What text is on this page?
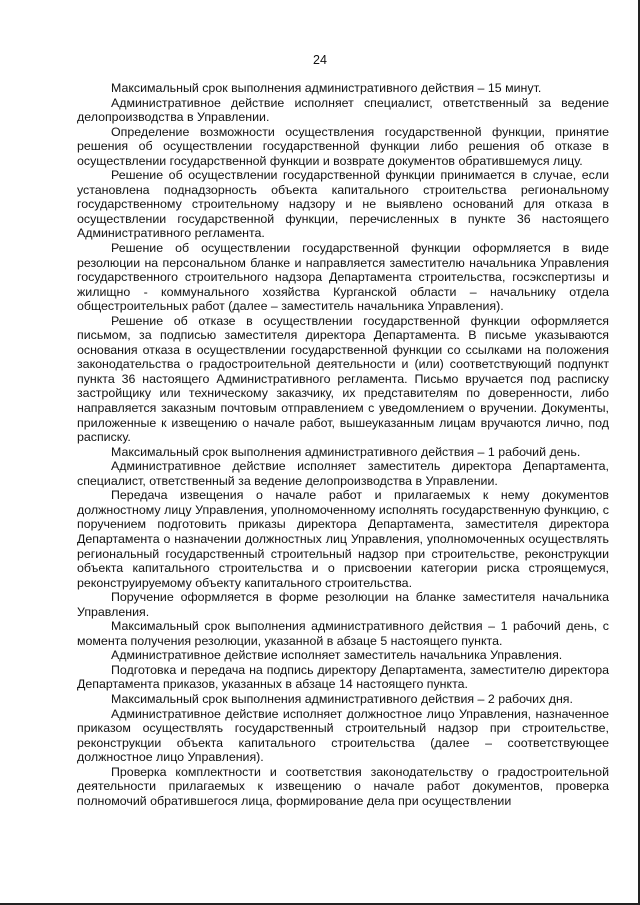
24

Максимальный срок выполнения административного действия – 15 минут.

Административное действие исполняет специалист, ответственный за ведение делопроизводства в Управлении.

Определение возможности осуществления государственной функции, принятие решения об осуществлении государственной функции либо решения об отказе в осуществлении государственной функции и возврате документов обратившемуся лицу.

Решение об осуществлении государственной функции принимается в случае, если установлена поднадзорность объекта капитального строительства региональному государственному строительному надзору и не выявлено оснований для отказа в осуществлении государственной функции, перечисленных в пункте 36 настоящего Административного регламента.

Решение об осуществлении государственной функции оформляется в виде резолюции на персональном бланке и направляется заместителю начальника Управления государственного строительного надзора Департамента строительства, госэкспертизы и жилищно - коммунального хозяйства Курганской области – начальнику отдела общестроительных работ (далее – заместитель начальника Управления).

Решение об отказе в осуществлении государственной функции оформляется письмом, за подписью заместителя директора Департамента. В письме указываются основания отказа в осуществлении государственной функции со ссылками на положения законодательства о градостроительной деятельности и (или) соответствующий подпункт пункта 36 настоящего Административного регламента. Письмо вручается под расписку застройщику или техническому заказчику, их представителям по доверенности, либо направляется заказным почтовым отправлением с уведомлением о вручении. Документы, приложенные к извещению о начале работ, вышеуказанным лицам вручаются лично, под расписку.

Максимальный срок выполнения административного действия – 1 рабочий день.

Административное действие исполняет заместитель директора Департамента, специалист, ответственный за ведение делопроизводства в Управлении.

Передача извещения о начале работ и прилагаемых к нему документов должностному лицу Управления, уполномоченному исполнять государственную функцию, с поручением подготовить приказы директора Департамента, заместителя директора Департамента о назначении должностных лиц Управления, уполномоченных осуществлять региональный государственный строительный надзор при строительстве, реконструкции объекта капитального строительства и о присвоении категории риска строящемуся, реконструируемому объекту капитального строительства.

Поручение оформляется в форме резолюции на бланке заместителя начальника Управления.

Максимальный срок выполнения административного действия – 1 рабочий день, с момента получения резолюции, указанной в абзаце 5 настоящего пункта.

Административное действие исполняет заместитель начальника Управления.

Подготовка и передача на подпись директору Департамента, заместителю директора Департамента приказов, указанных в абзаце 14 настоящего пункта.

Максимальный срок выполнения административного действия – 2 рабочих дня.

Административное действие исполняет должностное лицо Управления, назначенное приказом осуществлять государственный строительный надзор при строительстве, реконструкции объекта капитального строительства (далее – соответствующее должностное лицо Управления).

Проверка комплектности и соответствия законодательству о градостроительной деятельности прилагаемых к извещению о начале работ документов, проверка полномочий обратившегося лица, формирование дела при осуществлении
